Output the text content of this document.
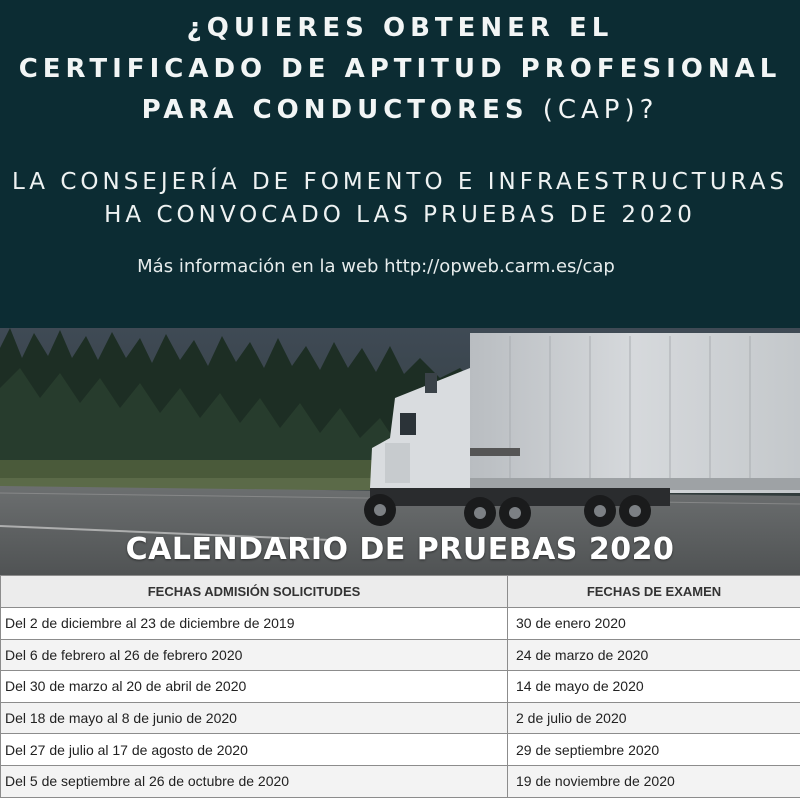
¿QUIERES OBTENER EL
CERTIFICADO DE APTITUD PROFESIONAL
PARA CONDUCTORES (CAP)?
LA CONSEJERÍA DE FOMENTO E INFRAESTRUCTURAS
HA CONVOCADO LAS PRUEBAS DE 2020
Más información en la web http://opweb.carm.es/cap
CALENDARIO DE PRUEBAS 2020
FECHAS ADMISIÓN SOLICITUDES	FECHAS DE EXAMEN
Del 2 de diciembre al 23 de diciembre de 2019	30 de enero 2020
Del 6 de febrero al 26 de febrero 2020	24 de marzo de 2020
Del 30 de marzo al 20 de abril de 2020	14 de mayo de 2020
Del 18 de mayo al 8 de junio de 2020	2 de julio de 2020
Del 27 de julio al 17 de agosto de 2020	29 de septiembre 2020
Del 5 de septiembre al 26 de octubre de 2020	19 de noviembre de 2020
